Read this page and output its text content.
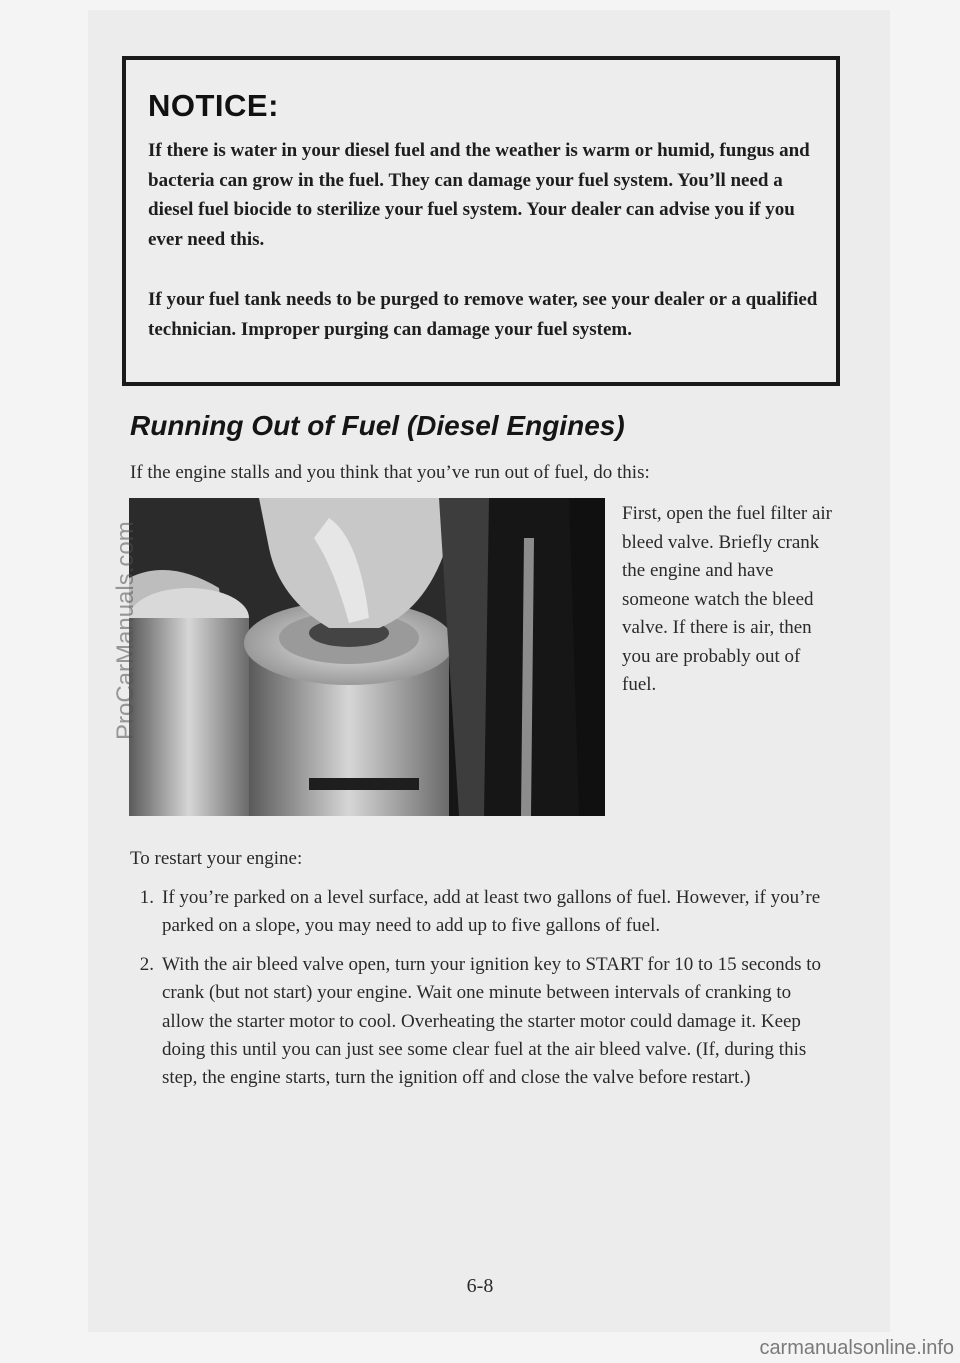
NOTICE:
If there is water in your diesel fuel and the weather is warm or humid, fungus and bacteria can grow in the fuel. They can damage your fuel system. You’ll need a diesel fuel biocide to sterilize your fuel system. Your dealer can advise you if you ever need this.
If your fuel tank needs to be purged to remove water, see your dealer or a qualified technician. Improper purging can damage your fuel system.
Running Out of Fuel (Diesel Engines)
If the engine stalls and you think that you’ve run out of fuel, do this:
First, open the fuel filter air bleed valve. Briefly crank the engine and have someone watch the bleed valve. If there is air, then you are probably out of fuel.
To restart your engine:
1. If you’re parked on a level surface, add at least two gallons of fuel. However, if you’re parked on a slope, you may need to add up to five gallons of fuel.
2. With the air bleed valve open, turn your ignition key to START for 10 to 15 seconds to crank (but not start) your engine. Wait one minute between intervals of cranking to allow the starter motor to cool. Overheating the starter motor could damage it. Keep doing this until you can just see some clear fuel at the air bleed valve. (If, during this step, the engine starts, turn the ignition off and close the valve before restart.)
6-8
ProCarManuals.com
carmanualsonline.info
